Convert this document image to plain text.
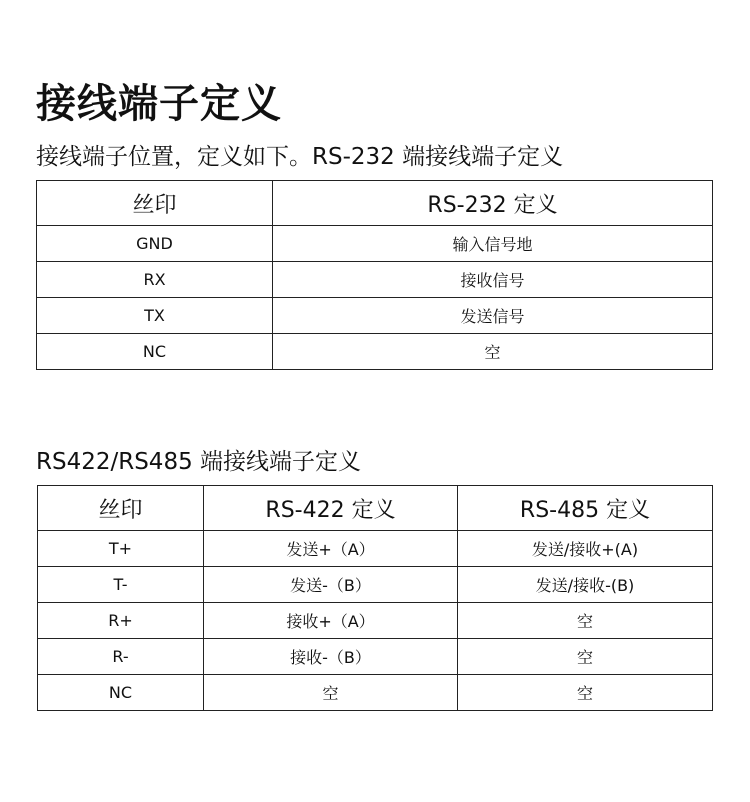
接线端子定义
接线端子位置，定义如下。RS-232 端接线端子定义
丝印	RS-232 定义
GND	输入信号地
RX	接收信号
TX	发送信号
NC	空
RS422/RS485 端接线端子定义
丝印	RS-422 定义	RS-485 定义
T+	发送+（A）	发送/接收+(A)
T-	发送-（B）	发送/接收-(B)
R+	接收+（A）	空
R-	接收-（B）	空
NC	空	空
